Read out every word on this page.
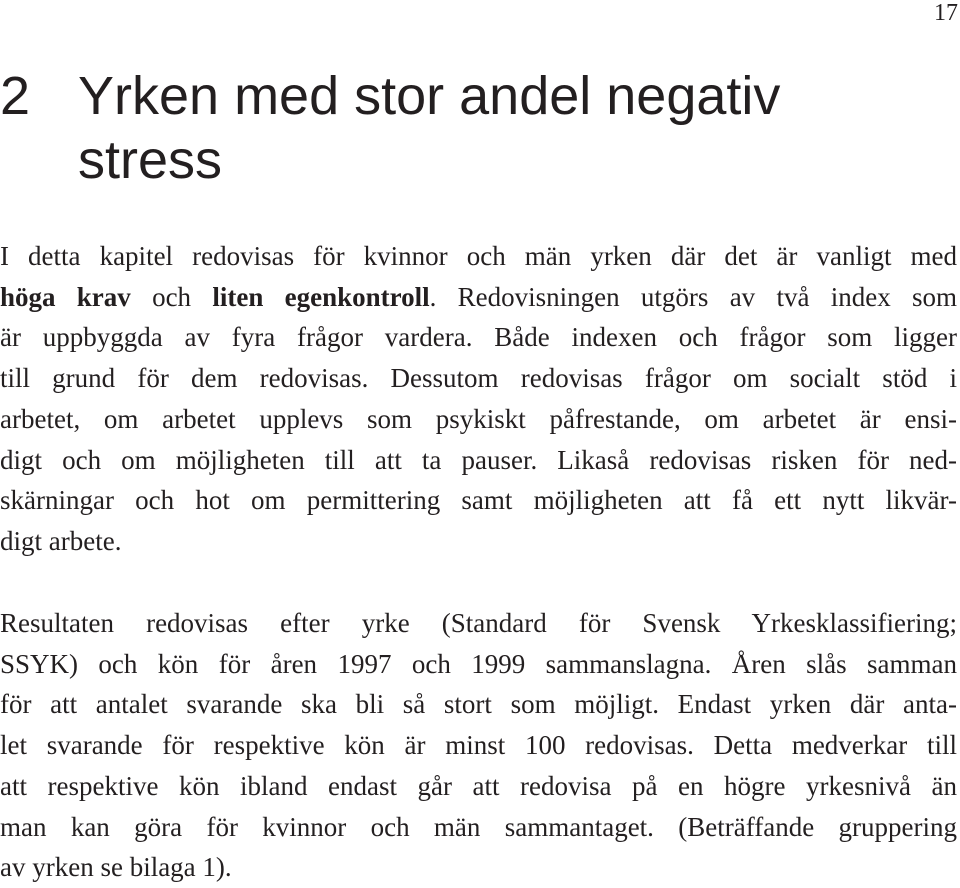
17
2 Yrken med stor andel negativ
stress
I detta kapitel redovisas för kvinnor och män yrken där det är vanligt med
höga krav och liten egenkontroll. Redovisningen utgörs av två index som
är uppbyggda av fyra frågor vardera. Både indexen och frågor som ligger
till grund för dem redovisas. Dessutom redovisas frågor om socialt stöd i
arbetet, om arbetet upplevs som psykiskt påfrestande, om arbetet är ensi-
digt och om möjligheten till att ta pauser. Likaså redovisas risken för ned-
skärningar och hot om permittering samt möjligheten att få ett nytt likvär-
digt arbete.
Resultaten redovisas efter yrke (Standard för Svensk Yrkesklassifiering;
SSYK) och kön för åren 1997 och 1999 sammanslagna. Åren slås samman
för att antalet svarande ska bli så stort som möjligt. Endast yrken där anta-
let svarande för respektive kön är minst 100 redovisas. Detta medverkar till
att respektive kön ibland endast går att redovisa på en högre yrkesnivå än
man kan göra för kvinnor och män sammantaget. (Beträffande gruppering
av yrken se bilaga 1).
